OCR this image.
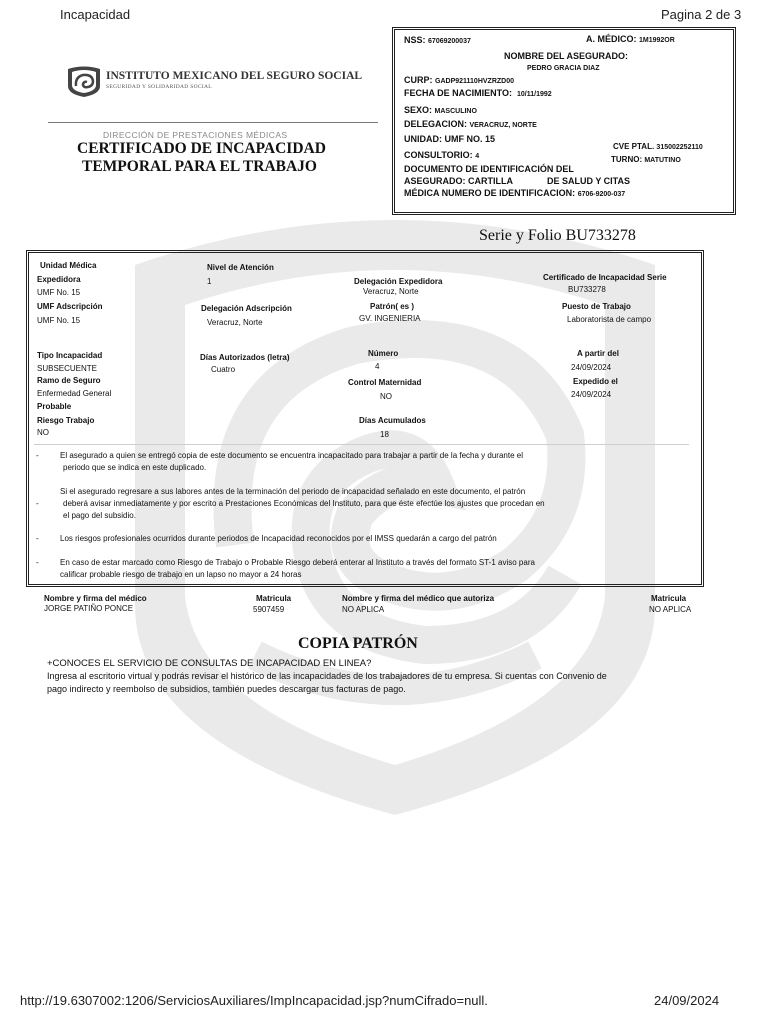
Incapacidad	Pagina 2 de 3
INSTITUTO MEXICANO DEL SEGURO SOCIAL
SEGURIDAD Y SOLIDARIDAD SOCIAL
DIRECCIÓN DE PRESTACIONES MÉDICAS
CERTIFICADO DE INCAPACIDAD
TEMPORAL PARA EL TRABAJO
NSS: 67069200037	A. MÉDICO: 1M1992OR
NOMBRE DEL ASEGURADO:
PEDRO GRACIA DIAZ
CURP: GADP921110HVZRZD00
FECHA DE NACIMIENTO: 10/11/1992
SEXO: MASCULINO
DELEGACION: VERACRUZ, NORTE
UNIDAD: UMF NO. 15
CVE PTAL. 315002252110
CONSULTORIO: 4	TURNO: MATUTINO
DOCUMENTO DE IDENTIFICACIÓN DEL
ASEGURADO: CARTILLA	DE SALUD Y CITAS
MÉDICA NUMERO DE IDENTIFICACION: 6706-9200-037
Serie y Folio BU733278
Unidad Médica
Expedidora
UMF No. 15
UMF Adscripción
UMF No. 15
Nivel de Atención
1
Delegación Adscripción
Veracruz, Norte
Delegación Expedidora
Veracruz, Norte
Patrón( es )
GV. INGENIERIA
Certificado de Incapacidad Serie
BU733278
Puesto de Trabajo
Laboratorista de campo
Tipo Incapacidad
SUBSECUENTE
Ramo de Seguro
Enfermedad General
Probable
Riesgo Trabajo
NO
Días Autorizados (letra)
Cuatro
Número
4
Control Maternidad
NO
Días Acumulados
18
A partir del
24/09/2024
Expedido el
24/09/2024
-	El asegurado a quien se entregó copia de este documento se encuentra incapacitado para trabajar a partir de la fecha y durante el
periodo que se indica en este duplicado.
Si el asegurado regresare a sus labores antes de la terminación del periodo de incapacidad señalado en este documento, el patrón
-	deberá avisar inmediatamente y por escrito a Prestaciones Económicas del Instituto, para que éste efectúe los ajustes que procedan en
el pago del subsidio.
-	Los riesgos profesionales ocurridos durante periodos de Incapacidad reconocidos por el IMSS quedarán a cargo del patrón
-	En caso de estar marcado como Riesgo de Trabajo o Probable Riesgo deberá enterar al Instituto a través del formato ST-1 aviso para
calificar probable riesgo de trabajo en un lapso no mayor a 24 horas
Nombre y firma del médico
JORGE PATIÑO PONCE
Matricula
5907459
Nombre y firma del médico que autoriza
NO APLICA
Matricula
NO APLICA
COPIA PATRÓN
+CONOCES EL SERVICIO DE CONSULTAS DE INCAPACIDAD EN LINEA?
Ingresa al escritorio virtual y podrás revisar el histórico de las incapacidades de los trabajadores de tu empresa. Si cuentas con Convenio de
pago indirecto y reembolso de subsidios, también puedes descargar tus facturas de pago.
http://19.6307002:1206/ServiciosAuxiliares/ImpIncapacidad.jsp?numCifrado=null.	24/09/2024
